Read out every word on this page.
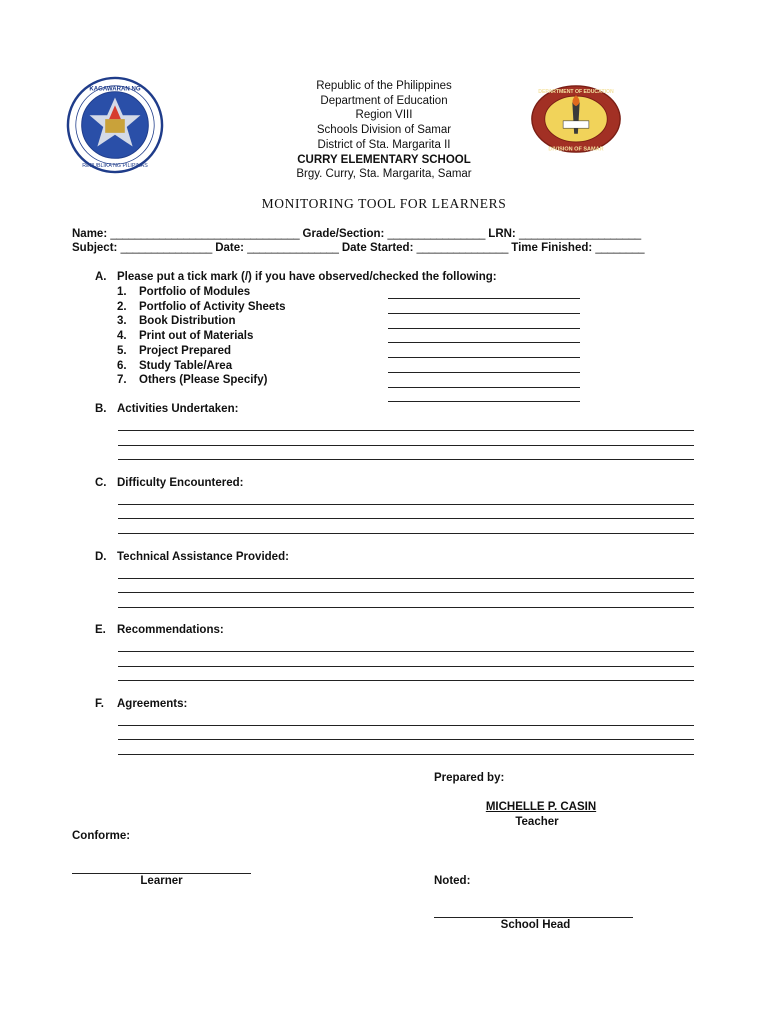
KAGAWARAN NG
REPUBLIKA NG PILIPINAS
DEPARTMENT OF EDUCATION
DIVISION OF SAMAR
Republic of the Philippines
Department of Education
Region VIII
Schools Division of Samar
District of Sta. Margarita II
CURRY ELEMENTARY SCHOOL
Brgy. Curry, Sta. Margarita, Samar
MONITORING TOOL FOR LEARNERS
Name: _______________________________ Grade/Section: ________________ LRN: ____________________
Subject: _______________ Date: _______________ Date Started: _______________ Time Finished: ________
A. Please put a tick mark (/) if you have observed/checked the following:
1. Portfolio of Modules
2. Portfolio of Activity Sheets
3. Book Distribution
4. Print out of Materials
5. Project Prepared
6. Study Table/Area
7. Others (Please Specify)
B. Activities Undertaken:
C. Difficulty Encountered:
D. Technical Assistance Provided:
E. Recommendations:
F. Agreements:
Prepared by:
MICHELLE P. CASIN
Teacher
Conforme:
Learner	Noted:
School Head
